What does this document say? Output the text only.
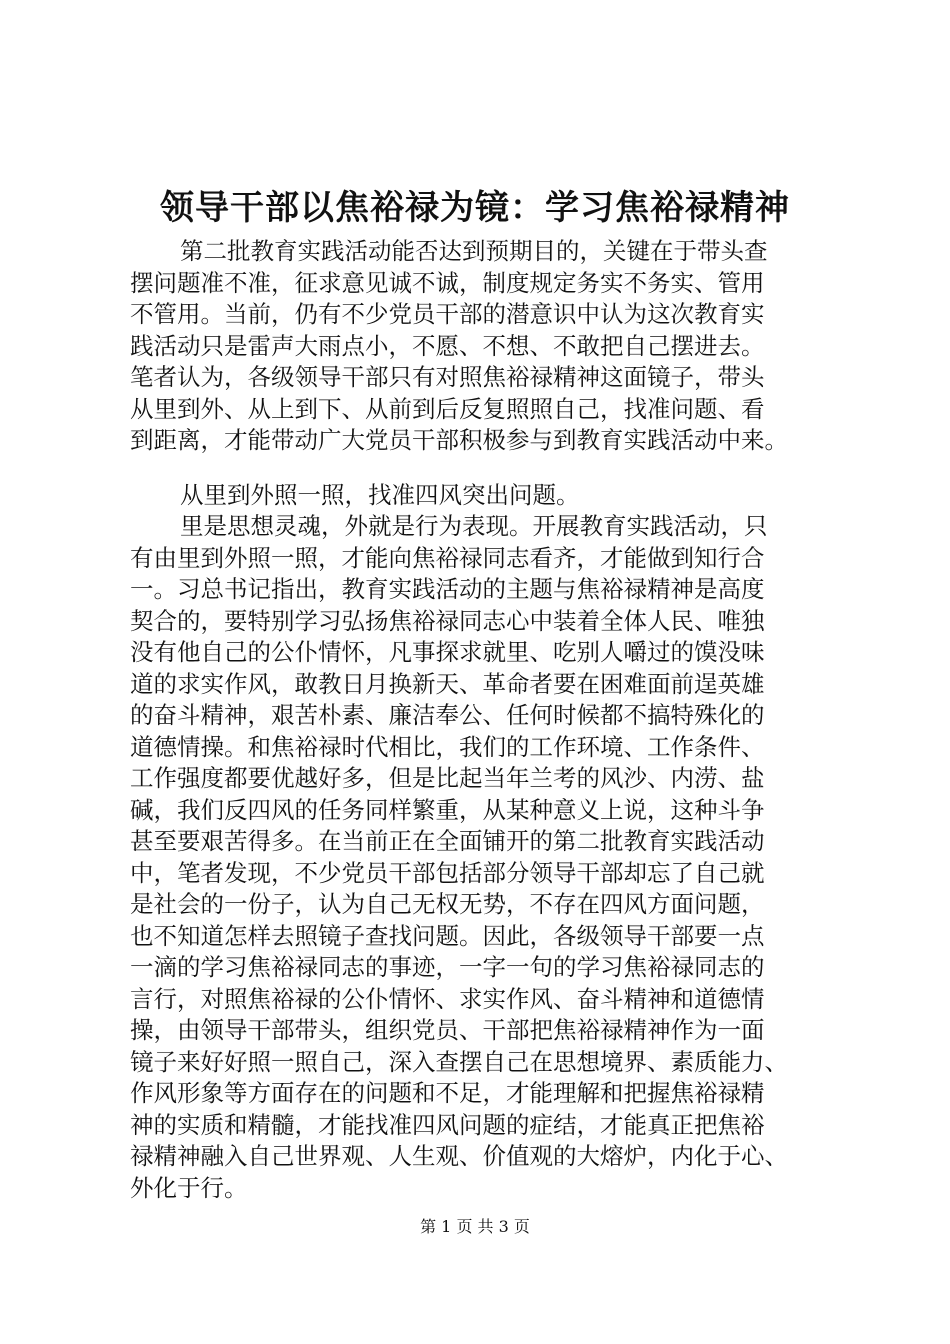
领导干部以焦裕禄为镜：学习焦裕禄精神
第二批教育实践活动能否达到预期目的，关键在于带头查
摆问题准不准，征求意见诚不诚，制度规定务实不务实、管用
不管用。当前，仍有不少党员干部的潜意识中认为这次教育实
践活动只是雷声大雨点小，不愿、不想、不敢把自己摆进去。
笔者认为，各级领导干部只有对照焦裕禄精神这面镜子，带头
从里到外、从上到下、从前到后反复照照自己，找准问题、看
到距离，才能带动广大党员干部积极参与到教育实践活动中来。
从里到外照一照，找准四风突出问题。
里是思想灵魂，外就是行为表现。开展教育实践活动，只
有由里到外照一照，才能向焦裕禄同志看齐，才能做到知行合
一。习总书记指出，教育实践活动的主题与焦裕禄精神是高度
契合的，要特别学习弘扬焦裕禄同志心中装着全体人民、唯独
没有他自己的公仆情怀，凡事探求就里、吃别人嚼过的馍没味
道的求实作风，敢教日月换新天、革命者要在困难面前逞英雄
的奋斗精神，艰苦朴素、廉洁奉公、任何时候都不搞特殊化的
道德情操。和焦裕禄时代相比，我们的工作环境、工作条件、
工作强度都要优越好多，但是比起当年兰考的风沙、内涝、盐
碱，我们反四风的任务同样繁重，从某种意义上说，这种斗争
甚至要艰苦得多。在当前正在全面铺开的第二批教育实践活动
中，笔者发现，不少党员干部包括部分领导干部却忘了自己就
是社会的一份子，认为自己无权无势，不存在四风方面问题，
也不知道怎样去照镜子查找问题。因此，各级领导干部要一点
一滴的学习焦裕禄同志的事迹，一字一句的学习焦裕禄同志的
言行，对照焦裕禄的公仆情怀、求实作风、奋斗精神和道德情
操，由领导干部带头，组织党员、干部把焦裕禄精神作为一面
镜子来好好照一照自己，深入查摆自己在思想境界、素质能力、
作风形象等方面存在的问题和不足，才能理解和把握焦裕禄精
神的实质和精髓，才能找准四风问题的症结，才能真正把焦裕
禄精神融入自己世界观、人生观、价值观的大熔炉，内化于心、
外化于行。
第 1 页 共 3 页
